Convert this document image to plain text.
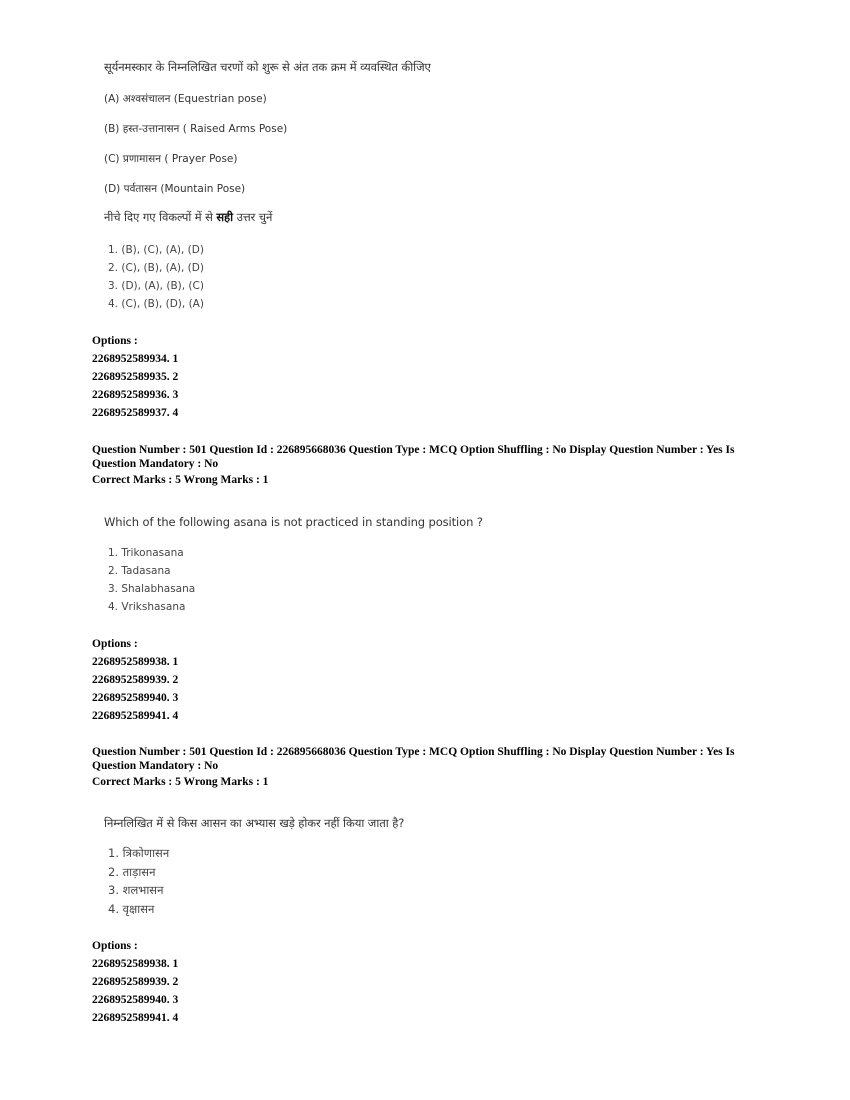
सूर्यनमस्कार के निम्नलिखित चरणों को शुरू से अंत तक क्रम में व्यवस्थित कीजिए
(A) अश्वसंचालन (Equestrian pose)
(B) हस्त-उत्तानासन ( Raised Arms Pose)
(C) प्रणामासन ( Prayer Pose)
(D) पर्वतासन (Mountain Pose)
नीचे दिए गए विकल्पों में से सही उत्तर चुनें
1. (B), (C), (A), (D)
2. (C), (B), (A), (D)
3. (D), (A), (B), (C)
4. (C), (B), (D), (A)
Options :
2268952589934. 1
2268952589935. 2
2268952589936. 3
2268952589937. 4
Question Number : 501 Question Id : 226895668036 Question Type : MCQ Option Shuffling : No Display Question Number : Yes Is Question Mandatory : No
Correct Marks : 5 Wrong Marks : 1
Which of the following asana is not practiced in standing position ?
1. Trikonasana
2. Tadasana
3. Shalabhasana
4. Vrikshasana
Options :
2268952589938. 1
2268952589939. 2
2268952589940. 3
2268952589941. 4
Question Number : 501 Question Id : 226895668036 Question Type : MCQ Option Shuffling : No Display Question Number : Yes Is Question Mandatory : No
Correct Marks : 5 Wrong Marks : 1
निम्नलिखित में से किस आसन का अभ्यास खड़े होकर नहीं किया जाता है?
1. त्रिकोणासन
2. ताड़ासन
3. शलभासन
4. वृक्षासन
Options :
2268952589938. 1
2268952589939. 2
2268952589940. 3
2268952589941. 4
